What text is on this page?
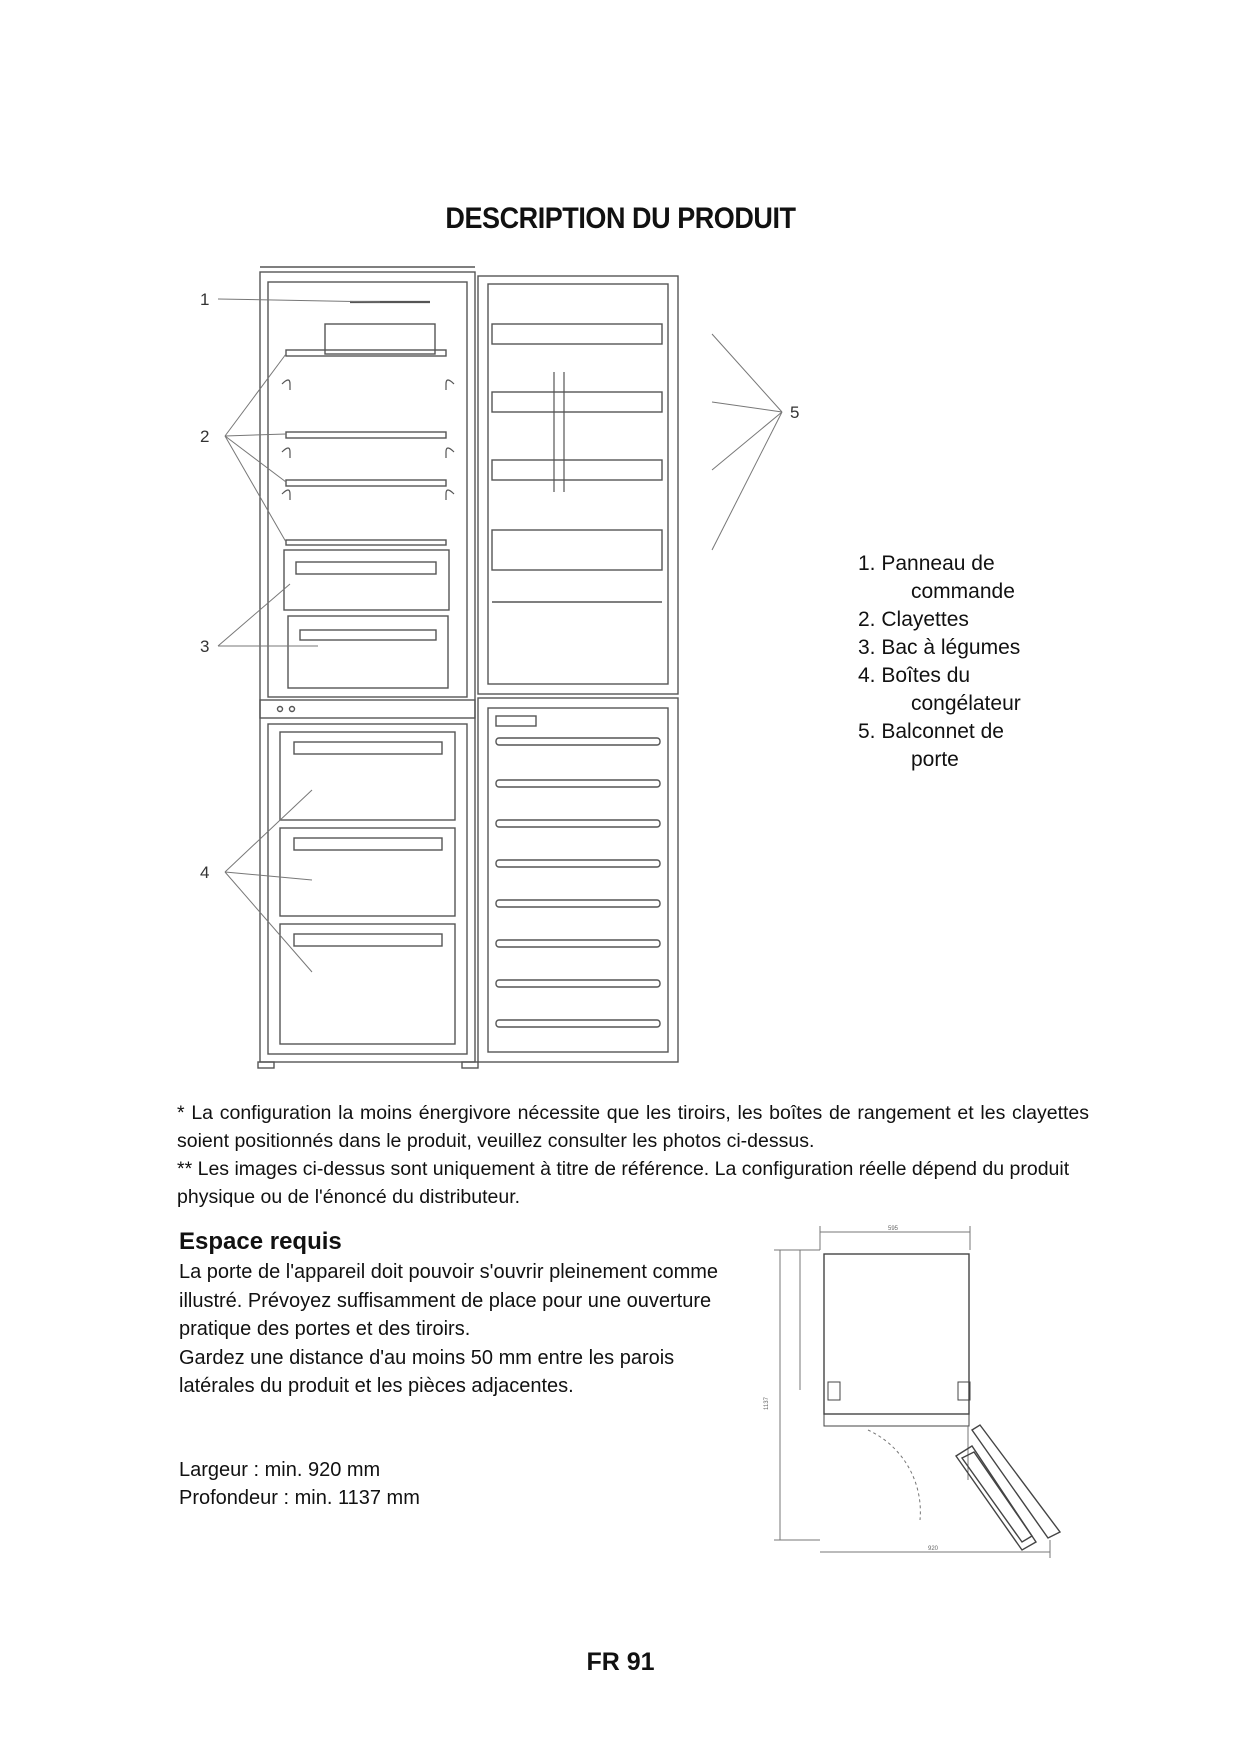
DESCRIPTION DU PRODUIT
1
2
3
4
5
1. Panneau de
commande
2. Clayettes
3. Bac à légumes
4. Boîtes du
congélateur
5. Balconnet de
porte

* La configuration la moins énergivore nécessite que les tiroirs, les boîtes de rangement et les clayettes soient positionnés dans le produit, veuillez consulter les photos ci-dessus.

** Les images ci-dessus sont uniquement à titre de référence. La configuration réelle dépend du produit physique ou de l'énoncé du distributeur.

Espace requis

La porte de l'appareil doit pouvoir s'ouvrir pleinement comme illustré. Prévoyez suffisamment de place pour une ouverture pratique des portes et des tiroirs.

Gardez une distance d'au moins 50 mm entre les parois latérales du produit et les pièces adjacentes.

Largeur : min. 920 mm

Profondeur : min. 1137 mm

595
1137
920
FR 91
